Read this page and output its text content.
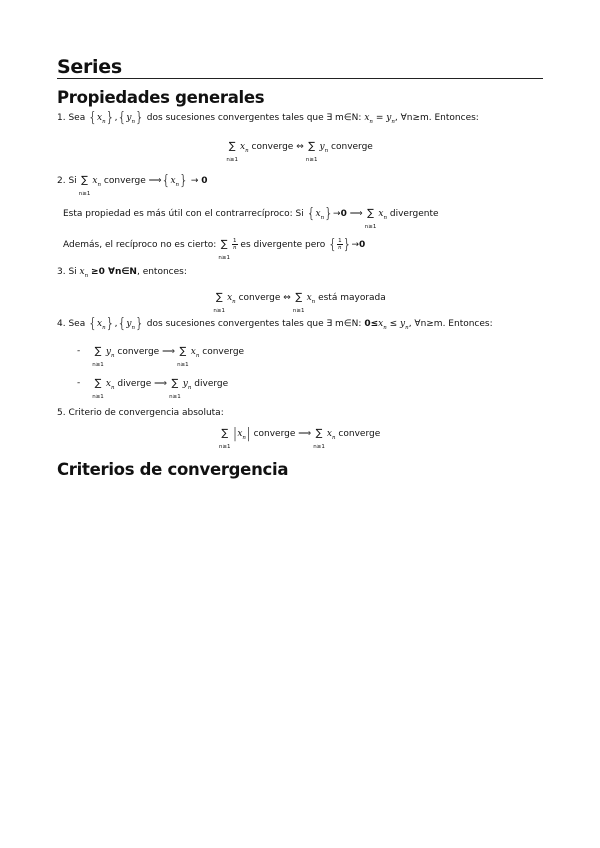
Series
Propiedades generales
1. Sea $\{x_n\},\{y_n\}$ dos sucesiones convergentes tales que ∃ m∈N: $x_n = y_n$, ∀n≥m. Entonces:
∑
n≥1
$x_n$ converge ⇔ ∑
n≥1
$y_n$ converge
2. Si ∑
n≥1
$x_n$ converge $⟹\{x_n\} \to 0$
Esta propiedad es más útil con el contrarrecíproco: Si $\{x_n\}\to 0$ ⟹ ∑
n≥1
$x_n$ divergente
Además, el recíproco no es cierto: ∑
n≥1

$\frac{1}{n}$ es divergente pero { $\frac{1}{n} \}\to 0$
3. Si $x_n \ge 0$ ∀n∈N, entonces:
∑
n≥1
$x_n$ converge ⇔ ∑
n≥1
$x_n$ está mayorada
4. Sea $\{x_n\},\{y_n\}$ dos sucesiones convergentes tales que ∃ m∈N: $0\le x_n \le y_n$, ∀n≥m. Entonces:
- ∑
n≥1
$y_n$ converge ⟹ ∑
n≥1
$x_n$ converge
- ∑
n≥1
$x_n$ diverge ⟹ ∑
n≥1
$y_n$ diverge
5. Criterio de convergencia absoluta:
∑
n≥1
$|x_n|$ converge ⟹ ∑
n≥1
$x_n$ converge
Criterios de convergencia
